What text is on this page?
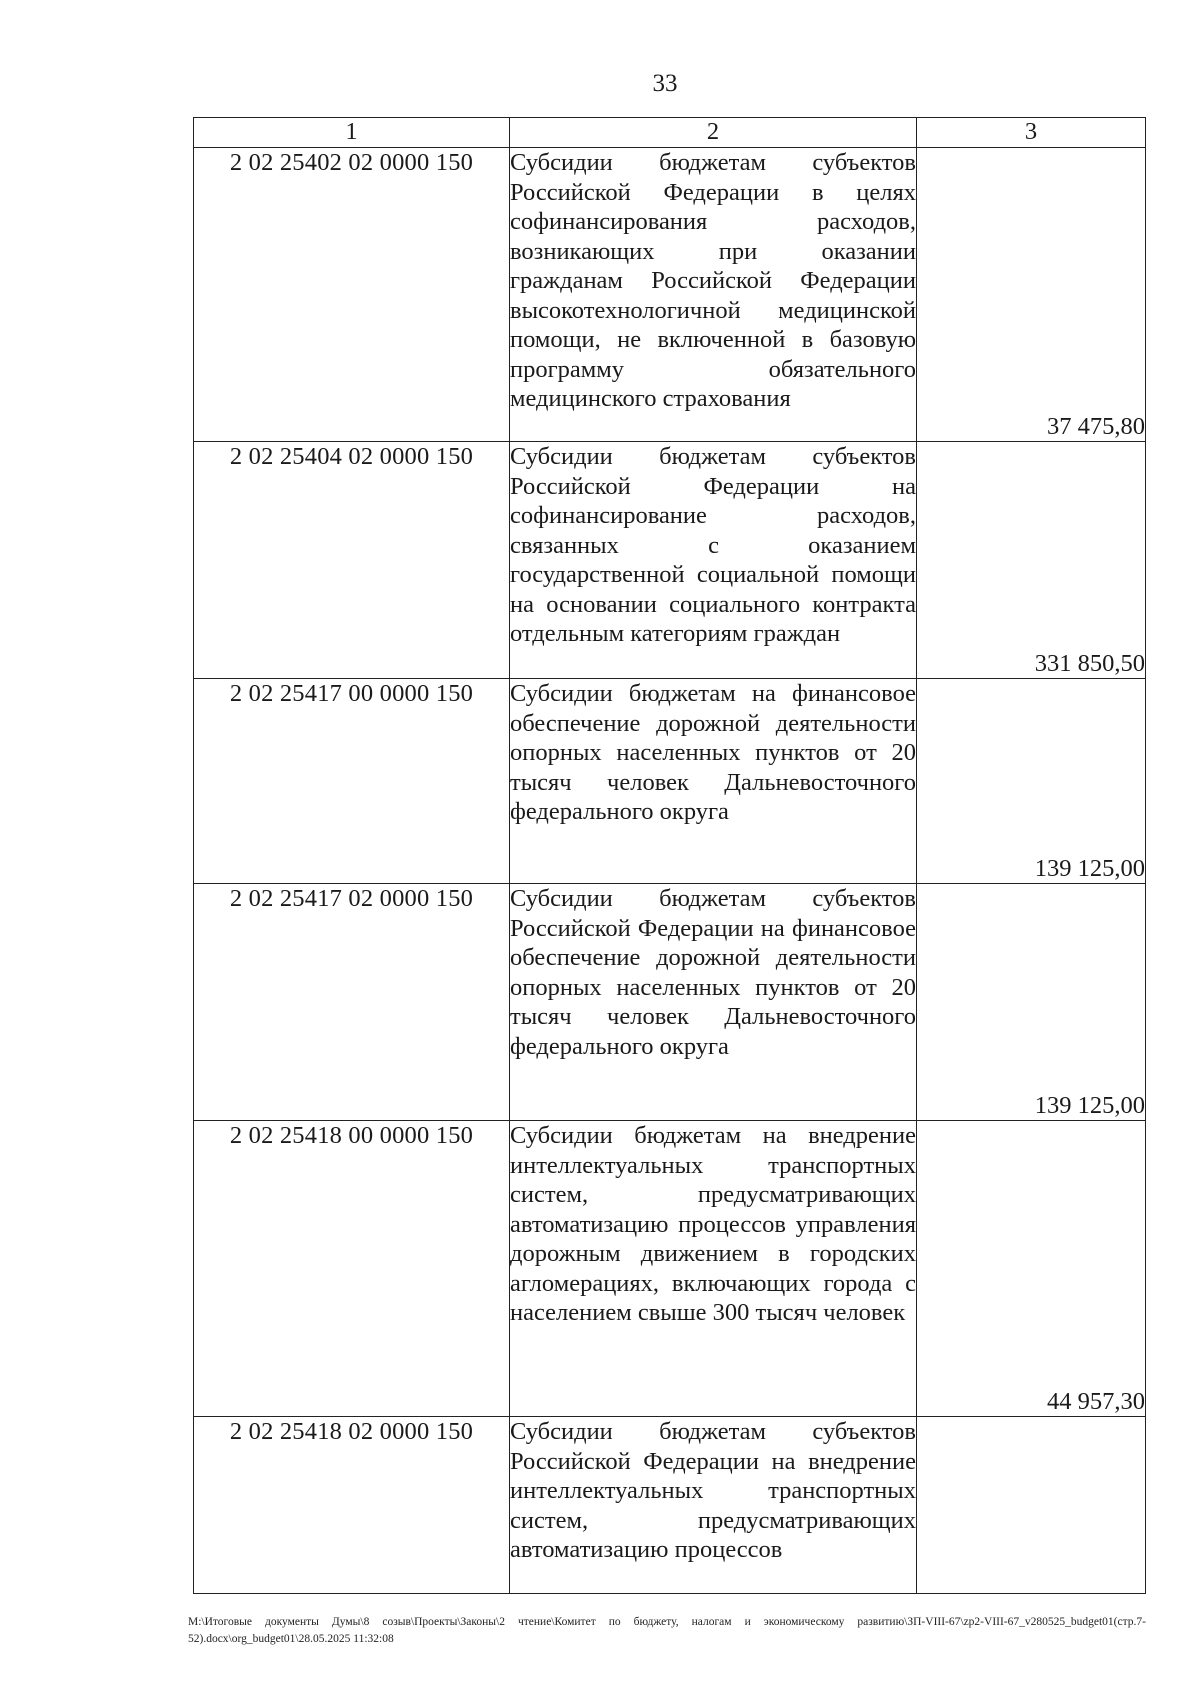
33
1	2	3
2 02 25402 02 0000 150	Субсидии бюджетам субъектов Российской Федерации в целях софинансирования расходов, возникающих при оказании гражданам Российской Федерации высокотехнологичной медицинской помощи, не включенной в базовую программу обязательного медицинского страхования	37 475,80
2 02 25404 02 0000 150	Субсидии бюджетам субъектов Российской Федерации на софинансирование расходов, связанных с оказанием государственной социальной помощи на основании социального контракта отдельным категориям граждан	331 850,50
2 02 25417 00 0000 150	Субсидии бюджетам на финансовое обеспечение дорожной деятельности опорных населенных пунктов от 20 тысяч человек Дальневосточного федерального округа	139 125,00
2 02 25417 02 0000 150	Субсидии бюджетам субъектов Российской Федерации на финансовое обеспечение дорожной деятельности опорных населенных пунктов от 20 тысяч человек Дальневосточного федерального округа	139 125,00
2 02 25418 00 0000 150	Субсидии бюджетам на внедрение интеллектуальных транспортных систем, предусматривающих автоматизацию процессов управления дорожным движением в городских агломерациях, включающих города с населением свыше 300 тысяч человек	44 957,30
2 02 25418 02 0000 150	Субсидии бюджетам субъектов Российской Федерации на внедрение интеллектуальных транспортных систем, предусматривающих автоматизацию процессов	

M:\Итоговые документы Думы\8 созыв\Проекты\Законы\2 чтение\Комитет по бюджету, налогам и экономическому развитию\ЗП-VIII-67\zp2-VIII-67_v280525_budget01(стр.7-52).docx\org_budget01\28.05.2025 11:32:08
